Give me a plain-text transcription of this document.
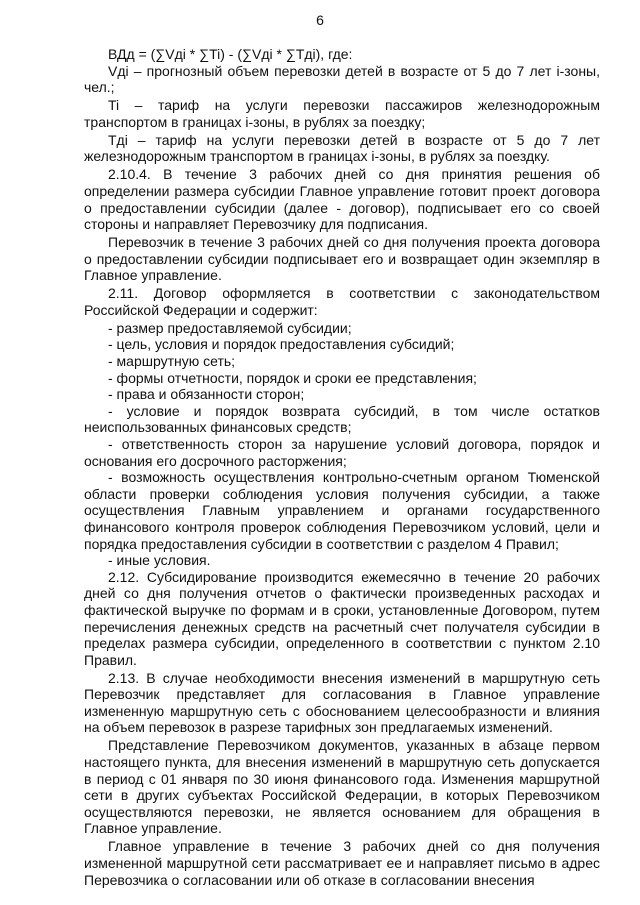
6

ВДд = (∑Vдi * ∑Ti) - (∑Vдi * ∑Tдi), где:

Vдi – прогнозный объем перевозки детей в возрасте от 5 до 7 лет i-зоны, чел.;

Ti – тариф на услуги перевозки пассажиров железнодорожным транспортом в границах i-зоны, в рублях за поездку;

Tдi – тариф на услуги перевозки детей в возрасте от 5 до 7 лет железнодорожным транспортом в границах i-зоны, в рублях за поездку.

2.10.4. В течение 3 рабочих дней со дня принятия решения об определении размера субсидии Главное управление готовит проект договора о предоставлении субсидии (далее - договор), подписывает его со своей стороны и направляет Перевозчику для подписания.

Перевозчик в течение 3 рабочих дней со дня получения проекта договора о предоставлении субсидии подписывает его и возвращает один экземпляр в Главное управление.

2.11. Договор оформляется в соответствии с законодательством Российской Федерации и содержит:

- размер предоставляемой субсидии;

- цель, условия и порядок предоставления субсидий;

- маршрутную сеть;

- формы отчетности, порядок и сроки ее представления;

- права и обязанности сторон;

- условие и порядок возврата субсидий, в том числе остатков неиспользованных финансовых средств;

- ответственность сторон за нарушение условий договора, порядок и основания его досрочного расторжения;

- возможность осуществления контрольно-счетным органом Тюменской области проверки соблюдения условия получения субсидии, а также осуществления Главным управлением и органами государственного финансового контроля проверок соблюдения Перевозчиком условий, цели и порядка предоставления субсидии в соответствии с разделом 4 Правил;

- иные условия.

2.12. Субсидирование производится ежемесячно в течение 20 рабочих дней со дня получения отчетов о фактически произведенных расходах и фактической выручке по формам и в сроки, установленные Договором, путем перечисления денежных средств на расчетный счет получателя субсидии в пределах размера субсидии, определенного в соответствии с пунктом 2.10 Правил.

2.13. В случае необходимости внесения изменений в маршрутную сеть Перевозчик представляет для согласования в Главное управление измененную маршрутную сеть с обоснованием целесообразности и влияния на объем перевозок в разрезе тарифных зон предлагаемых изменений.

Представление Перевозчиком документов, указанных в абзаце первом настоящего пункта, для внесения изменений в маршрутную сеть допускается в период с 01 января по 30 июня финансового года. Изменения маршрутной сети в других субъектах Российской Федерации, в которых Перевозчиком осуществляются перевозки, не является основанием для обращения в Главное управление.

Главное управление в течение 3 рабочих дней со дня получения измененной маршрутной сети рассматривает ее и направляет письмо в адрес Перевозчика о согласовании или об отказе в согласовании внесения
